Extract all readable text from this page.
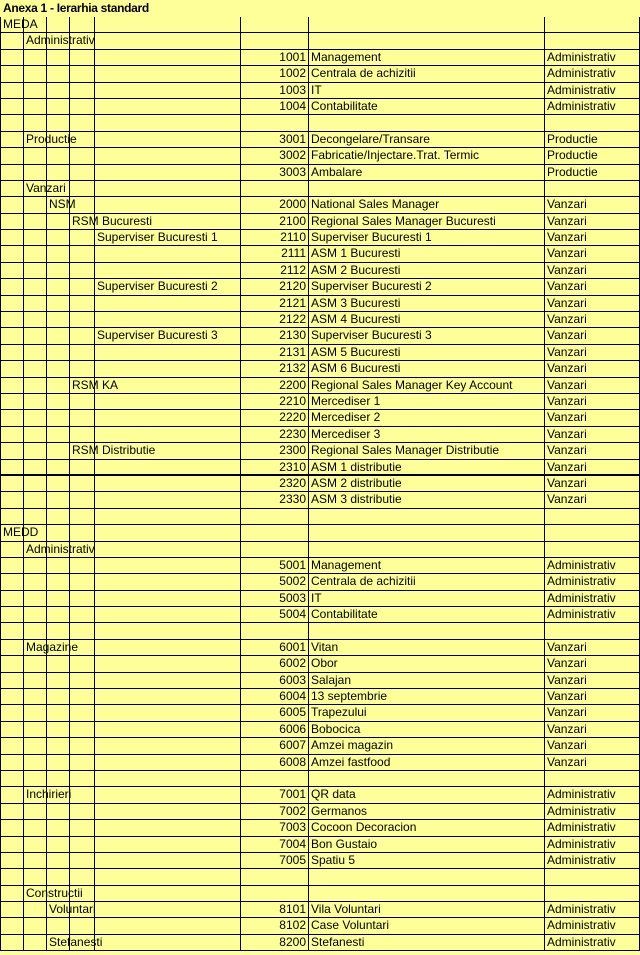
Anexa 1 - Ierarhia standard
MEDA
Administrativ
1001 Management	Administrativ
1002 Centrala de achizitii	Administrativ
1003 IT	Administrativ
1004 Contabilitate	Administrativ
Productie	3001 Decongelare/Transare	Productie
3002 Fabricatie/Injectare.Trat. Termic	Productie
3003 Ambalare	Productie
Vanzari
NSM	2000 National Sales Manager	Vanzari
RSM Bucuresti	2100 Regional Sales Manager Bucuresti	Vanzari
Superviser Bucuresti 1	2110 Superviser Bucuresti 1	Vanzari
2111 ASM 1 Bucuresti	Vanzari
2112 ASM 2 Bucuresti	Vanzari
Superviser Bucuresti 2	2120 Superviser Bucuresti 2	Vanzari
2121 ASM 3 Bucuresti	Vanzari
2122 ASM 4 Bucuresti	Vanzari
Superviser Bucuresti 3	2130 Superviser Bucuresti 3	Vanzari
2131 ASM 5 Bucuresti	Vanzari
2132 ASM 6 Bucuresti	Vanzari
RSM KA	2200 Regional Sales Manager Key Account	Vanzari
2210 Mercediser 1	Vanzari
2220 Mercediser 2	Vanzari
2230 Mercediser 3	Vanzari
RSM Distributie	2300 Regional Sales Manager Distributie	Vanzari
2310 ASM 1 distributie	Vanzari
2320 ASM 2 distributie	Vanzari
2330 ASM 3 distributie	Vanzari
MEDD
Administrativ
5001 Management	Administrativ
5002 Centrala de achizitii	Administrativ
5003 IT	Administrativ
5004 Contabilitate	Administrativ
Magazine	6001 Vitan	Vanzari
6002 Obor	Vanzari
6003 Salajan	Vanzari
6004 13 septembrie	Vanzari
6005 Trapezului	Vanzari
6006 Bobocica	Vanzari
6007 Amzei magazin	Vanzari
6008 Amzei fastfood	Vanzari
Inchirieri	7001 QR data	Administrativ
7002 Germanos	Administrativ
7003 Cocoon Decoracion	Administrativ
7004 Bon Gustaio	Administrativ
7005 Spatiu 5	Administrativ
Constructii
Voluntari	8101 Vila Voluntari	Administrativ
8102 Case Voluntari	Administrativ
Stefanesti	8200 Stefanesti	Administrativ
